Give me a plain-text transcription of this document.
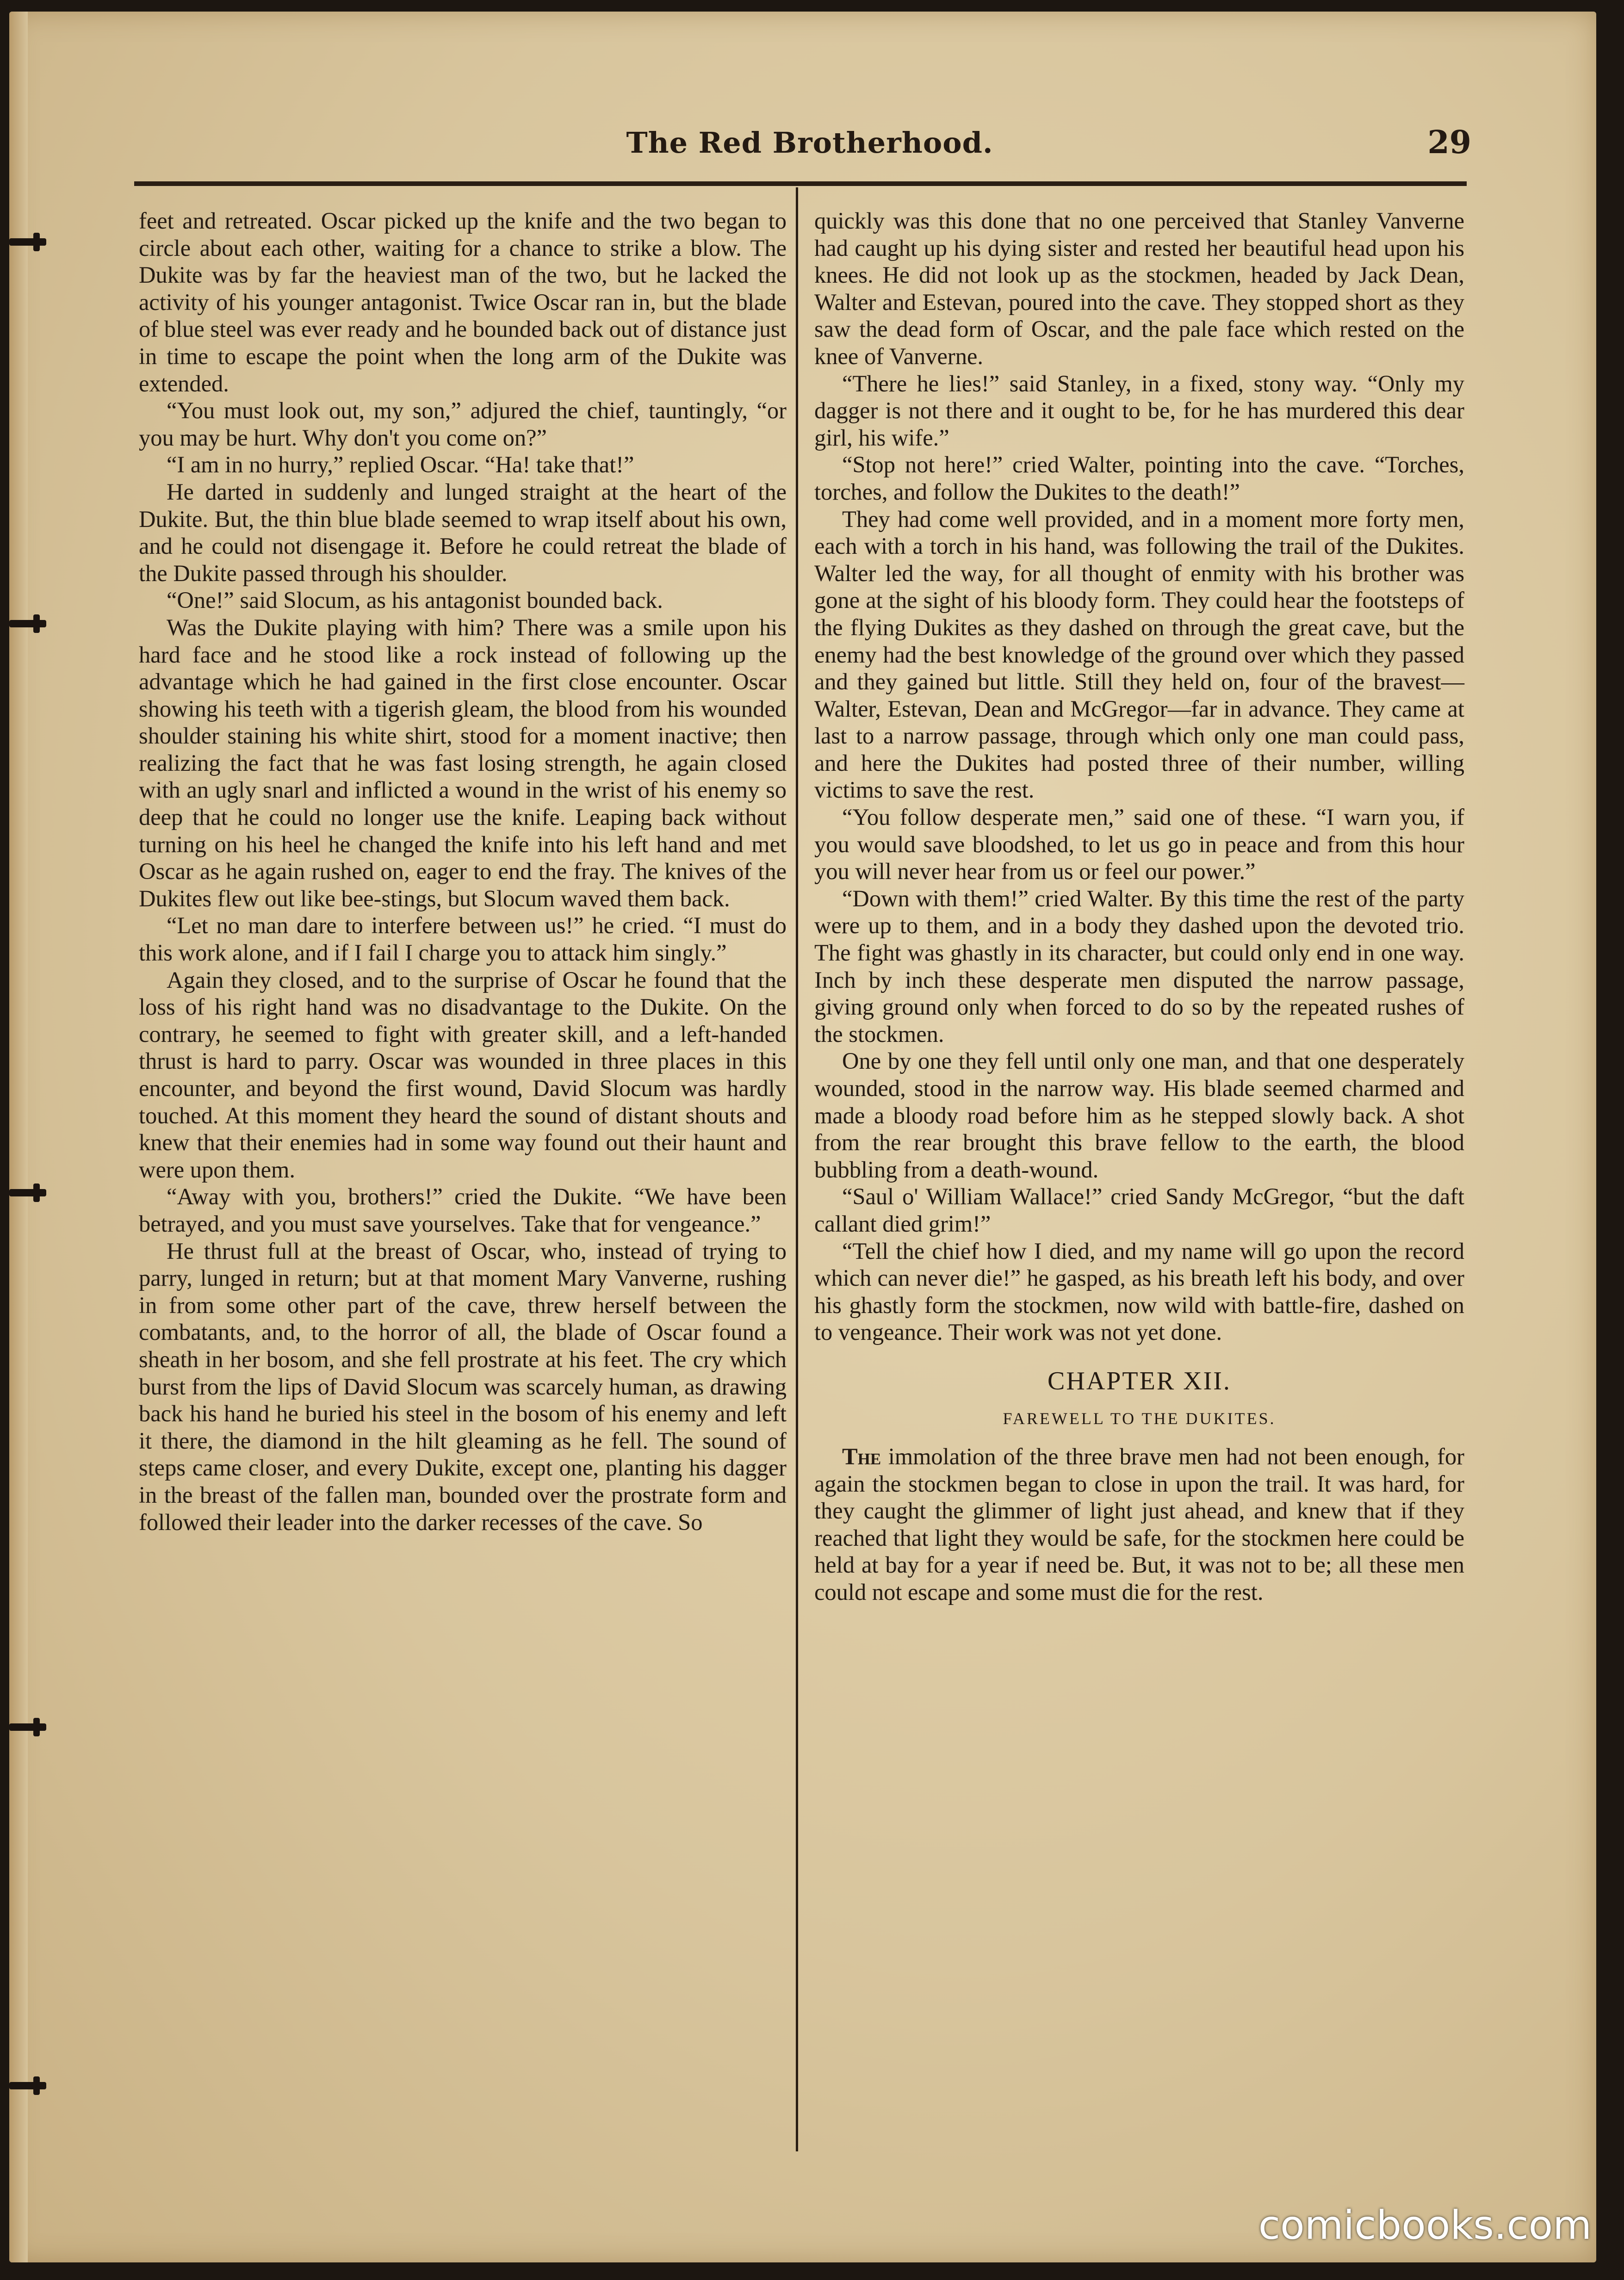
The Red Brotherhood.	29

feet and retreated. Oscar picked up the knife and the two began to circle about each other, waiting for a chance to strike a blow. The Dukite was by far the heaviest man of the two, but he lacked the activity of his younger antagonist. Twice Oscar ran in, but the blade of blue steel was ever ready and he bounded back out of distance just in time to escape the point when the long arm of the Dukite was extended.

“You must look out, my son,” adjured the chief, tauntingly, “or you may be hurt. Why don't you come on?”

“I am in no hurry,” replied Oscar. “Ha! take that!”

He darted in suddenly and lunged straight at the heart of the Dukite. But, the thin blue blade seemed to wrap itself about his own, and he could not disengage it. Before he could retreat the blade of the Dukite passed through his shoulder.

“One!” said Slocum, as his antagonist bounded back.

Was the Dukite playing with him? There was a smile upon his hard face and he stood like a rock instead of following up the advantage which he had gained in the first close encounter. Oscar showing his teeth with a tigerish gleam, the blood from his wounded shoulder staining his white shirt, stood for a moment inactive; then realizing the fact that he was fast losing strength, he again closed with an ugly snarl and inflicted a wound in the wrist of his enemy so deep that he could no longer use the knife. Leaping back without turning on his heel he changed the knife into his left hand and met Oscar as he again rushed on, eager to end the fray. The knives of the Dukites flew out like bee-stings, but Slocum waved them back.

“Let no man dare to interfere between us!” he cried. “I must do this work alone, and if I fail I charge you to attack him singly.”

Again they closed, and to the surprise of Oscar he found that the loss of his right hand was no disadvantage to the Dukite. On the contrary, he seemed to fight with greater skill, and a left-handed thrust is hard to parry. Oscar was wounded in three places in this encounter, and beyond the first wound, David Slocum was hardly touched. At this moment they heard the sound of distant shouts and knew that their enemies had in some way found out their haunt and were upon them.

“Away with you, brothers!” cried the Dukite. “We have been betrayed, and you must save yourselves. Take that for vengeance.”

He thrust full at the breast of Oscar, who, instead of trying to parry, lunged in return; but at that moment Mary Vanverne, rushing in from some other part of the cave, threw herself between the combatants, and, to the horror of all, the blade of Oscar found a sheath in her bosom, and she fell prostrate at his feet. The cry which burst from the lips of David Slocum was scarcely human, as drawing back his hand he buried his steel in the bosom of his enemy and left it there, the diamond in the hilt gleaming as he fell. The sound of steps came closer, and every Dukite, except one, planting his dagger in the breast of the fallen man, bounded over the prostrate form and followed their leader into the darker recesses of the cave. So

quickly was this done that no one perceived that Stanley Vanverne had caught up his dying sister and rested her beautiful head upon his knees. He did not look up as the stockmen, headed by Jack Dean, Walter and Estevan, poured into the cave. They stopped short as they saw the dead form of Oscar, and the pale face which rested on the knee of Vanverne.

“There he lies!” said Stanley, in a fixed, stony way. “Only my dagger is not there and it ought to be, for he has murdered this dear girl, his wife.”

“Stop not here!” cried Walter, pointing into the cave. “Torches, torches, and follow the Dukites to the death!”

They had come well provided, and in a moment more forty men, each with a torch in his hand, was following the trail of the Dukites. Walter led the way, for all thought of enmity with his brother was gone at the sight of his bloody form. They could hear the footsteps of the flying Dukites as they dashed on through the great cave, but the enemy had the best knowledge of the ground over which they passed and they gained but little. Still they held on, four of the bravest—Walter, Estevan, Dean and McGregor—far in advance. They came at last to a narrow passage, through which only one man could pass, and here the Dukites had posted three of their number, willing victims to save the rest.

“You follow desperate men,” said one of these. “I warn you, if you would save bloodshed, to let us go in peace and from this hour you will never hear from us or feel our power.”

“Down with them!” cried Walter. By this time the rest of the party were up to them, and in a body they dashed upon the devoted trio. The fight was ghastly in its character, but could only end in one way. Inch by inch these desperate men disputed the narrow passage, giving ground only when forced to do so by the repeated rushes of the stockmen.

One by one they fell until only one man, and that one desperately wounded, stood in the narrow way. His blade seemed charmed and made a bloody road before him as he stepped slowly back. A shot from the rear brought this brave fellow to the earth, the blood bubbling from a death-wound.

“Saul o' William Wallace!” cried Sandy McGregor, “but the daft callant died grim!”

“Tell the chief how I died, and my name will go upon the record which can never die!” he gasped, as his breath left his body, and over his ghastly form the stockmen, now wild with battle-fire, dashed on to vengeance. Their work was not yet done.

CHAPTER XII.
FAREWELL TO THE DUKITES.

The immolation of the three brave men had not been enough, for again the stockmen began to close in upon the trail. It was hard, for they caught the glimmer of light just ahead, and knew that if they reached that light they would be safe, for the stockmen here could be held at bay for a year if need be. But, it was not to be; all these men could not escape and some must die for the rest.

comicbooks.com
